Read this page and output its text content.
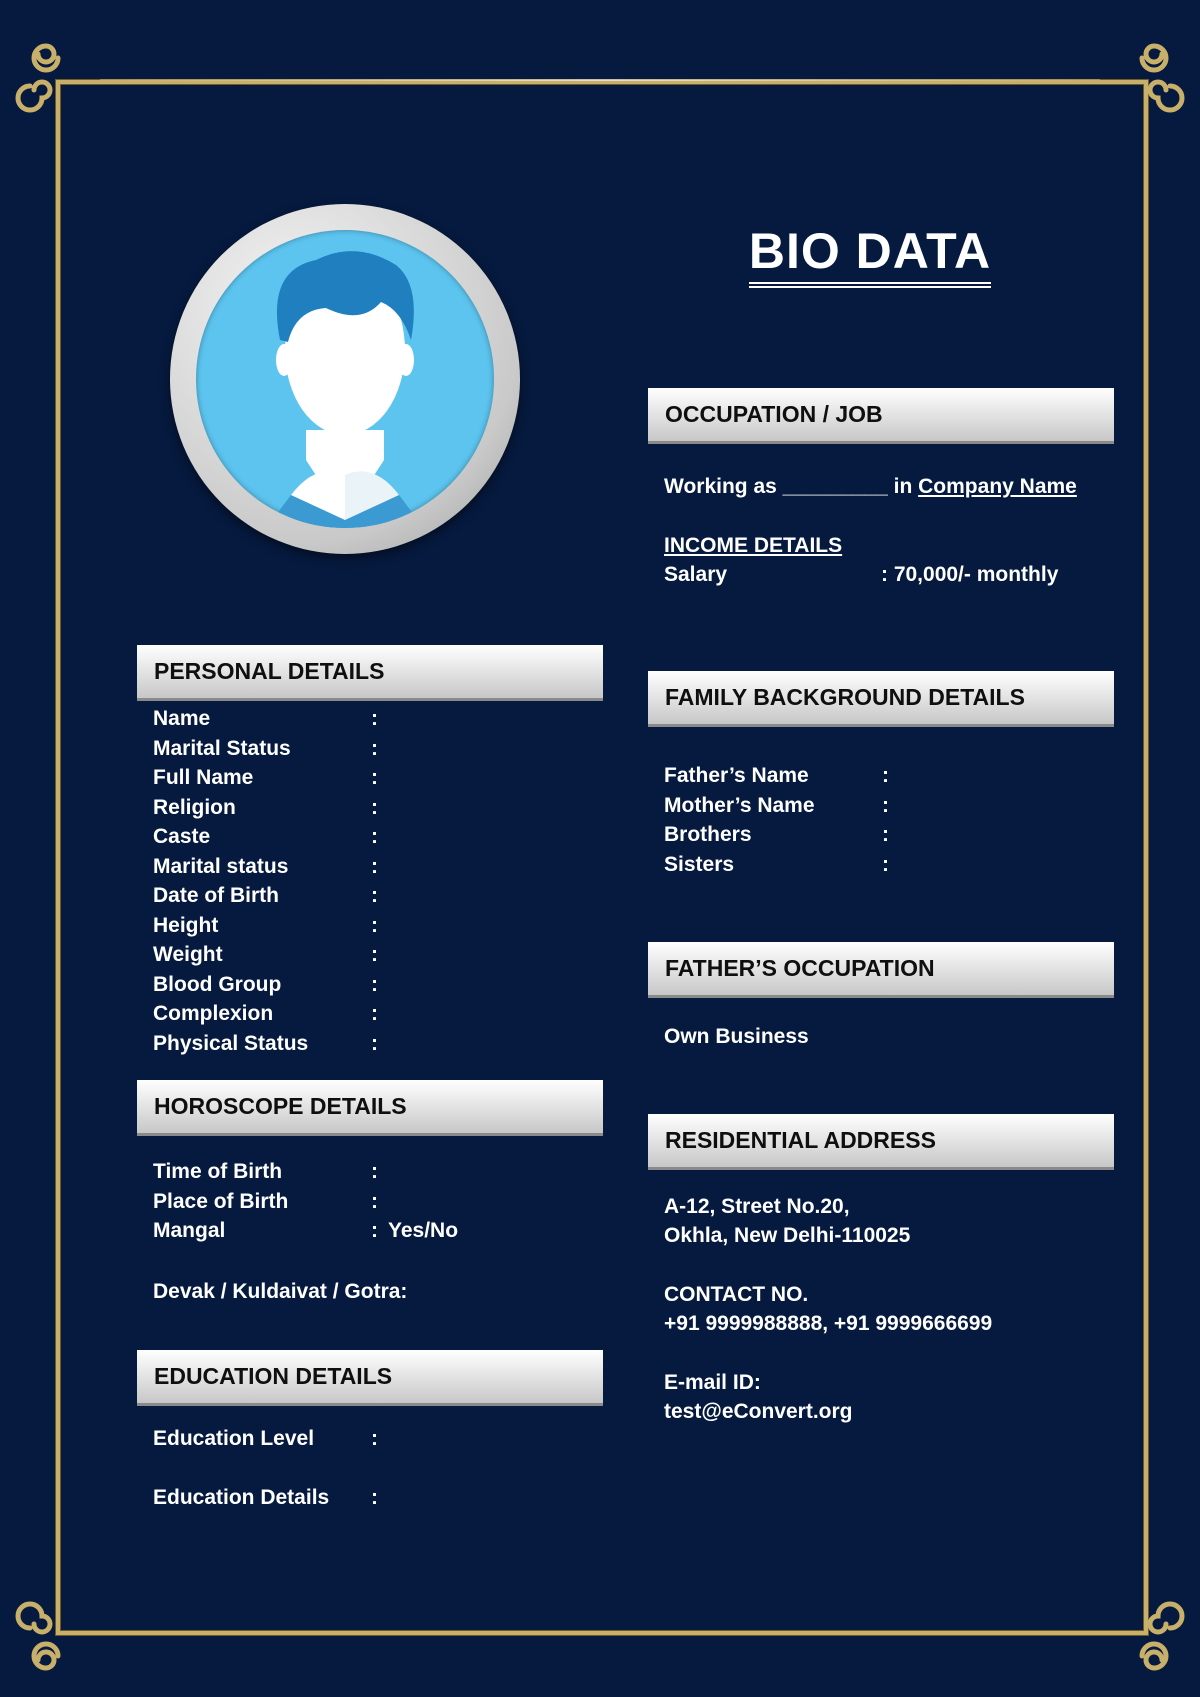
BIO DATA
OCCUPATION / JOB
Working as _________ in Company Name
INCOME DETAILS
Salary	: 70,000/- monthly
PERSONAL DETAILS
Name	:
Marital Status	:
Full Name	:
Religion	:
Caste	:
Marital status	:
Date of Birth	:
Height	:
Weight	:
Blood Group	:
Complexion	:
Physical Status	:
FAMILY BACKGROUND DETAILS
Father’s Name	:
Mother’s Name	:
Brothers	:
Sisters	:
FATHER’S OCCUPATION
Own Business
HOROSCOPE DETAILS
Time of Birth	:
Place of Birth	:
Mangal	: Yes/No
Devak / Kuldaivat / Gotra:
RESIDENTIAL ADDRESS
A-12, Street No.20,
Okhla, New Delhi-110025
CONTACT NO.
+91 9999988888, +91 9999666699
E-mail ID:
test@eConvert.org
EDUCATION DETAILS
Education Level	:
Education Details :
